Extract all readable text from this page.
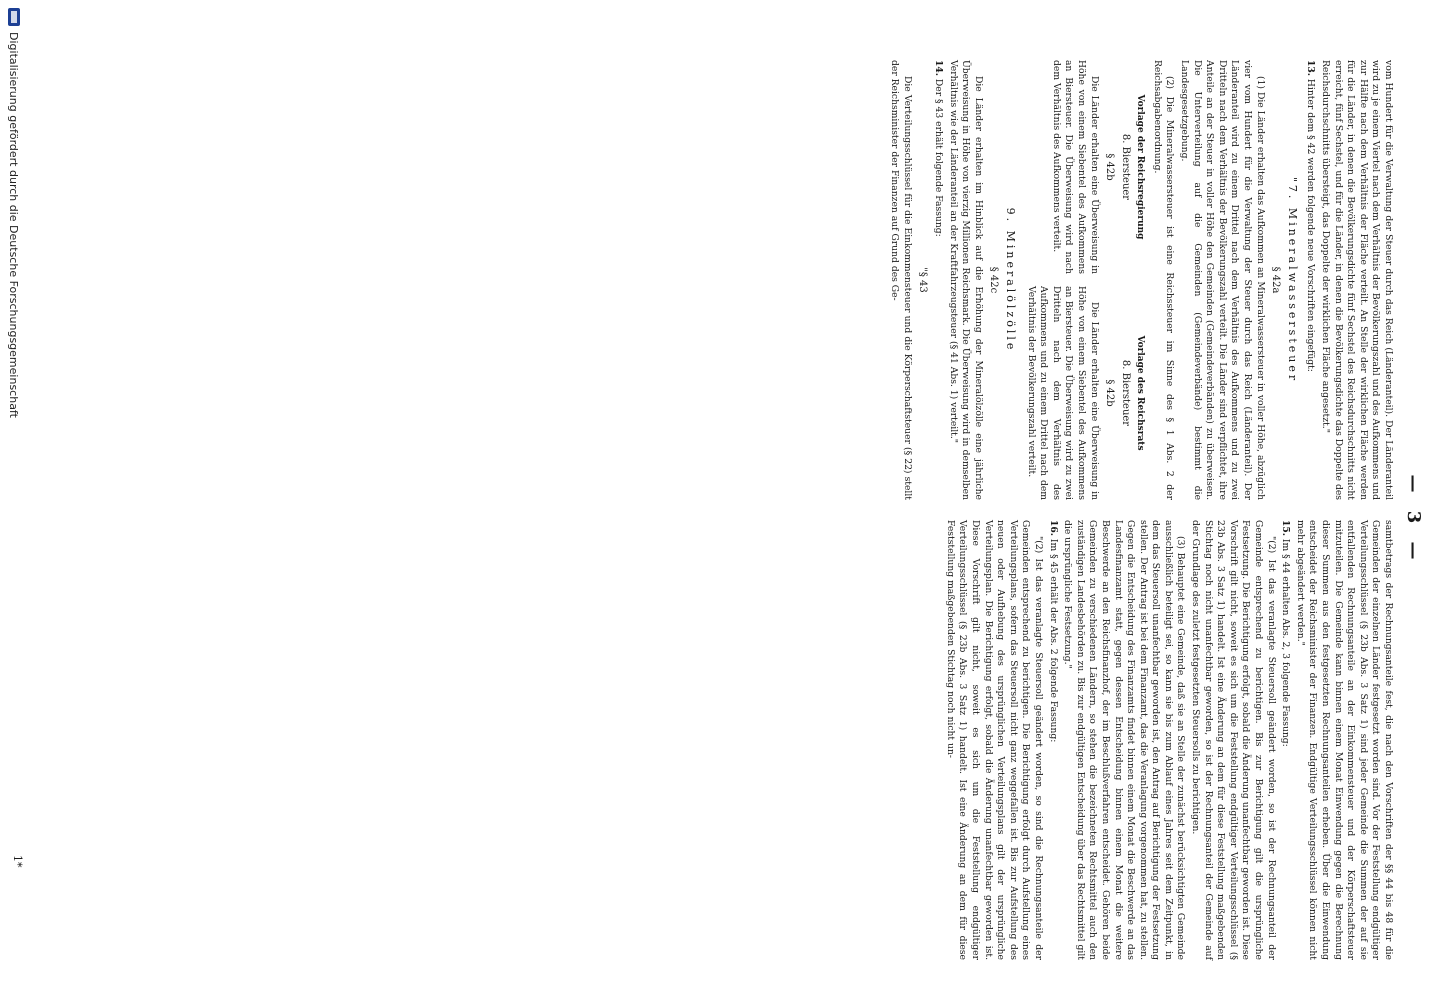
— 3 —

vom Hundert für die Verwaltung der Steuer durch das Reich (Länderanteil). Der Länderanteil wird zu je einem Viertel nach dem Verhältnis der Bevölkerungszahl und des Aufkommens und zur Hälfte nach dem Verhältnis der Fläche verteilt. An Stelle der wirklichen Fläche werden für die Länder, in denen die Bevölkerungsdichte fünf Sechstel des Reichsdurchschnitts nicht erreicht, fünf Sechstel, und für die Länder, in denen die Bevölkerungsdichte das Doppelte des Reichsdurchschnitts übersteigt, das Doppelte der wirklichen Fläche angesetzt."

13. Hinter dem § 42 werden folgende neue Vorschriften eingefügt:

"7. Mineralwassersteuer
§ 42a

(1) Die Länder erhalten das Aufkommen an Mineralwassersteuer in voller Höhe, abzüglich vier vom Hundert für die Verwaltung der Steuer durch das Reich (Länderanteil). Der Länderanteil wird zu einem Drittel nach dem Verhältnis des Aufkommens und zu zwei Dritteln nach dem Verhältnis der Bevölkerungszahl verteilt. Die Länder sind verpflichtet, ihre Anteile an der Steuer in voller Höhe den Gemeinden (Gemeindeverbänden) zu überweisen. Die Unterverteilung auf die Gemeinden (Gemeindeverbände) bestimmt die Landesgesetzgebung.

(2) Die Mineralwassersteuer ist eine Reichssteuer im Sinne des § 1 Abs. 2 der Reichsabgabenordnung.

Vorlage der Reichsregierung
8. Biersteuer
§ 42b

Die Länder erhalten eine Überweisung in Höhe von einem Siebentel des Aufkommens an Biersteuer. Die Überweisung wird nach dem Verhältnis des Aufkommens verteilt.

Vorlage des Reichsrats
8. Biersteuer
§ 42b

Die Länder erhalten eine Überweisung in Höhe von einem Siebentel des Aufkommens an Biersteuer. Die Überweisung wird zu zwei Dritteln nach dem Verhältnis des Aufkommens und zu einem Drittel nach dem Verhältnis der Bevölkerungszahl verteilt.

9. Mineralölzölle
§ 42c

Die Länder erhalten im Hinblick auf die Erhöhung der Mineralölzölle eine jährliche Überweisung in Höhe von vierzig Millionen Reichsmark. Die Überweisung wird in demselben Verhältnis wie der Länderanteil an der Kraftfahrzeugsteuer (§ 41 Abs. 1) verteilt."

14. Der § 43 erhält folgende Fassung:

"§ 43

Die Verteilungsschlüssel für die Einkommensteuer und die Körperschaftsteuer (§ 22) stellt der Reichsminister der Finanzen auf Grund des Ge-

samtbetrags der Rechnungsanteile fest, die nach den Vorschriften der §§ 44 bis 48 für die Gemeinden der einzelnen Länder festgesetzt worden sind. Vor der Feststellung endgültiger Verteilungsschlüssel (§ 23b Abs. 3 Satz 1) sind jeder Gemeinde die Summen der auf sie entfallenden Rechnungsanteile an der Einkommensteuer und der Körperschaftsteuer mitzuteilen. Die Gemeinde kann binnen einem Monat Einwendung gegen die Berechnung dieser Summen aus den festgesetzten Rechnungsanteilen erheben. Über die Einwendung entscheidet der Reichsminister der Finanzen. Endgültige Verteilungsschlüssel können nicht mehr abgeändert werden."

15. Im § 44 erhalten Abs. 2, 3 folgende Fassung:

"(2) Ist das veranlagte Steuersoll geändert worden, so ist der Rechnungsanteil der Gemeinde entsprechend zu berichtigen. Bis zur Berichtigung gilt die ursprüngliche Festsetzung. Die Berichtigung erfolgt, sobald die Änderung unanfechtbar geworden ist. Diese Vorschrift gilt nicht, soweit es sich um die Feststellung endgültiger Verteilungsschlüssel (§ 23b Abs. 3 Satz 1) handelt. Ist eine Änderung an dem für diese Feststellung maßgebenden Stichtag noch nicht unanfechtbar geworden, so ist der Rechnungsanteil der Gemeinde auf der Grundlage des zuletzt festgesetzten Steuersolls zu berichtigen.

(3) Behauptet eine Gemeinde, daß sie an Stelle der zunächst berücksichtigten Gemeinde ausschließlich beteiligt sei, so kann sie bis zum Ablauf eines Jahres seit dem Zeitpunkt, in dem das Steuersoll unanfechtbar geworden ist, den Antrag auf Berichtigung der Festsetzung stellen. Der Antrag ist bei dem Finanzamt, das die Veranlagung vorgenommen hat, zu stellen. Gegen die Entscheidung des Finanzamts findet binnen einem Monat die Beschwerde an das Landesfinanzamt statt, gegen dessen Entscheidung binnen einem Monat die weitere Beschwerde an den Reichsfinanzhof, der im Beschlußverfahren entscheidet. Gehören beide Gemeinden zu verschiedenen Ländern, so stehen die bezeichneten Rechtsmittel auch den zuständigen Landesbehörden zu. Bis zur endgültigen Entscheidung über das Rechtsmittel gilt die ursprüngliche Festsetzung."

16. Im § 45 erhält der Abs. 2 folgende Fassung:

"(2) Ist das veranlagte Steuersoll geändert worden, so sind die Rechnungsanteile der Gemeinden entsprechend zu berichtigen. Die Berichtigung erfolgt durch Aufstellung eines Verteilungsplans, sofern das Steuersoll nicht ganz weggefallen ist. Bis zur Aufstellung des neuen oder Aufhebung des ursprünglichen Verteilungsplans gilt der ursprüngliche Verteilungsplan. Die Berichtigung erfolgt, sobald die Änderung unanfechtbar geworden ist. Diese Vorschrift gilt nicht, soweit es sich um die Feststellung endgültiger Verteilungsschlüssel (§ 23b Abs. 3 Satz 1) handelt. Ist eine Änderung an dem für diese Feststellung maßgebenden Stichtag noch nicht un-

1*
Digitalisierung gefördert durch die Deutsche Forschungsgemeinschaft
